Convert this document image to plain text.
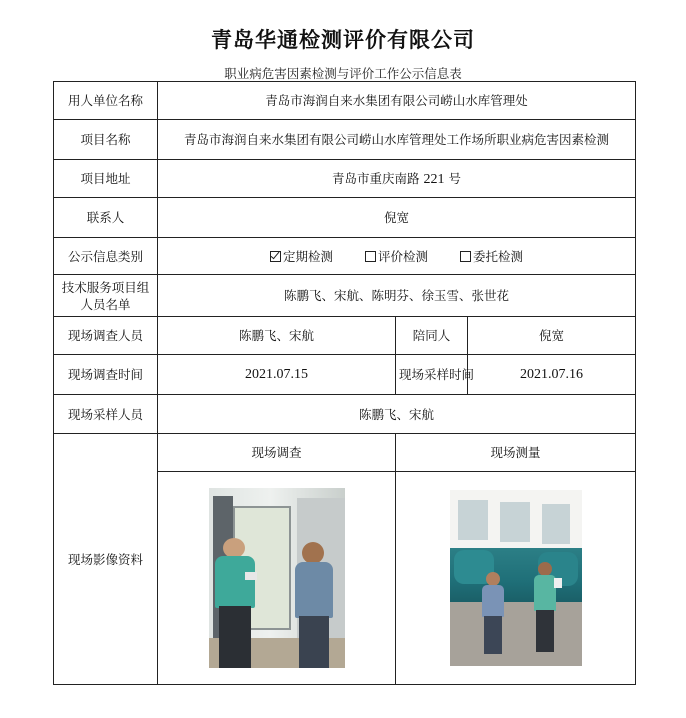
青岛华通检测评价有限公司
职业病危害因素检测与评价工作公示信息表
用人单位名称	青岛市海润自来水集团有限公司崂山水库管理处		
项目名称	青岛市海润自来水集团有限公司崂山水库管理处工作场所职业病危害因素检测		
项目地址	青岛市重庆南路 221 号		
联系人	倪宽		
公示信息类别	定期检测 评价检测 委托检测		
技术服务项目组人员名单	陈鹏飞、宋航、陈明芬、徐玉雪、张世花		
现场调查人员	陈鹏飞、宋航	陪同人	倪宽
现场调查时间	2021.07.15	现场采样时间	2021.07.16
现场采样人员	陈鹏飞、宋航		
现场影像资料	现场调查	现场测量	
